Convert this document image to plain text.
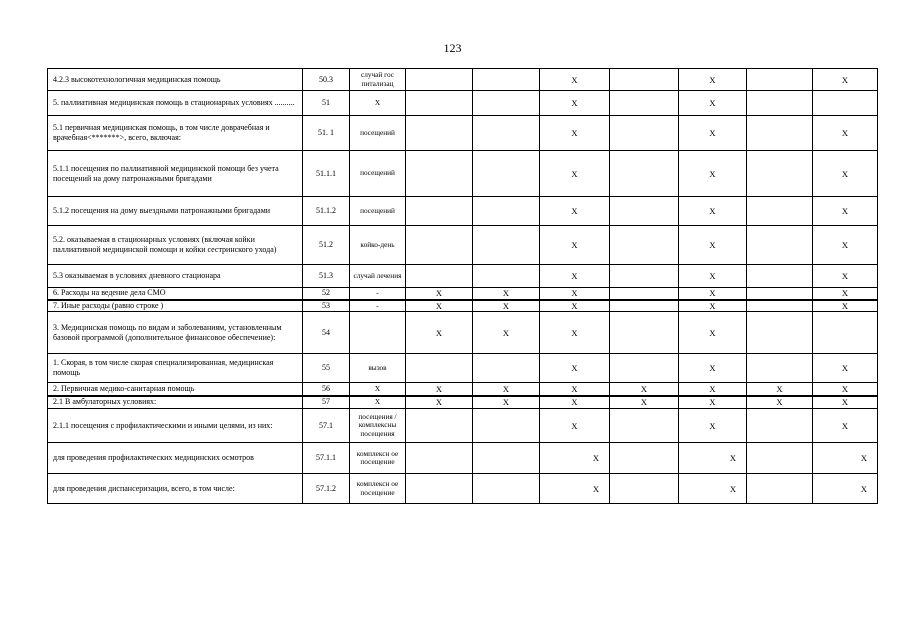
123
4.2.3 высокотехнологичная медицинская помощь	50.3	случай гос питализац			X		X		X
5. паллиативная медицинская помощь в стационарных условиях ..........	51	X			X		X		
5.1 первичная медицинская помощь, в том числе доврачебная и врачебная<*******>, всего, включая:	51. 1	посещений			X		X		X
5.1.1 посещения по паллиативной медицинской помощи без учета посещений на дому патронажными бригадами	51.1.1	посещений			X		X		X
5.1.2 посещения на дому выездными патронажными бригадами	51.1.2	посещений			X		X		X
5.2. оказываемая в стационарных условиях (включая койки паллиативной медицинской помощи и койки сестринского ухода)	51.2	койко-день			X		X		X
5.3 оказываемая в условиях дневного стационара	51.3	случай лечения			X		X		X
6. Расходы на ведение дела СМО	52	-	X	X	X		X		X
7. Иные расходы (равно строке )	53	-	X	X	X		X		X
3. Медицинская помощь по видам и заболеваниям, установленным базовой программой (дополнительное финансовое обеспечение):	54		X	X	X		X		
1. Скорая, в том числе скорая специализированная, медицинская помощь	55	вызов			X		X		X
2. Первичная медико-санитарная помощь	56	X	X	X	X	X	X	X	X
2.1 В амбулаторных условиях:	57	X	X	X	X	X	X	X	X
2.1.1 посещения с профилактическими и иными целями, из них:	57.1	посещения / комплексны посещения			X		X		X
для проведения профилактических медицинских осмотров	57.1.1	комплексн ое посещение			X		X		X
для проведения диспансеризации, всего, в том числе:	57.1.2	комплексн ое посещение			X		X		X
